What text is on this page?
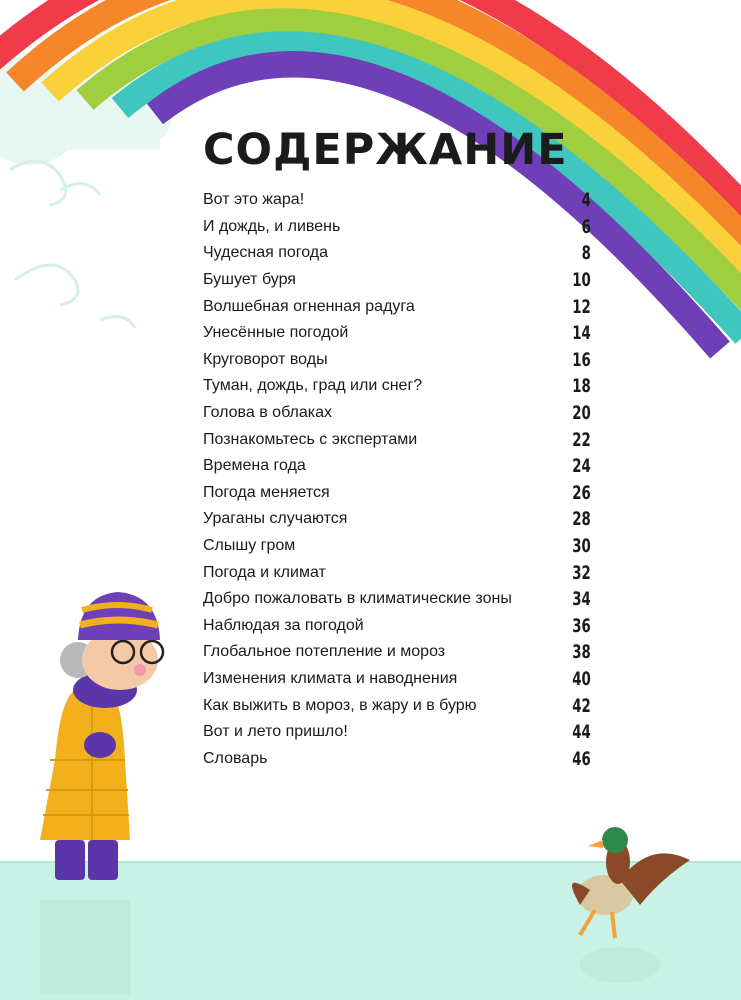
СОДЕРЖАНИЕ
Вот это жара!	4
И дождь, и ливень	6
Чудесная погода	8
Бушует буря	10
Волшебная огненная радуга	12
Унесённые погодой	14
Круговорот воды	16
Туман, дождь, град или снег?	18
Голова в облаках	20
Познакомьтесь с экспертами	22
Времена года	24
Погода меняется	26
Ураганы случаются	28
Слышу гром	30
Погода и климат	32
Добро пожаловать в климатические зоны	34
Наблюдая за погодой	36
Глобальное потепление и мороз	38
Изменения климата и наводнения	40
Как выжить в мороз, в жару и в бурю	42
Вот и лето пришло!	44
Словарь	46
